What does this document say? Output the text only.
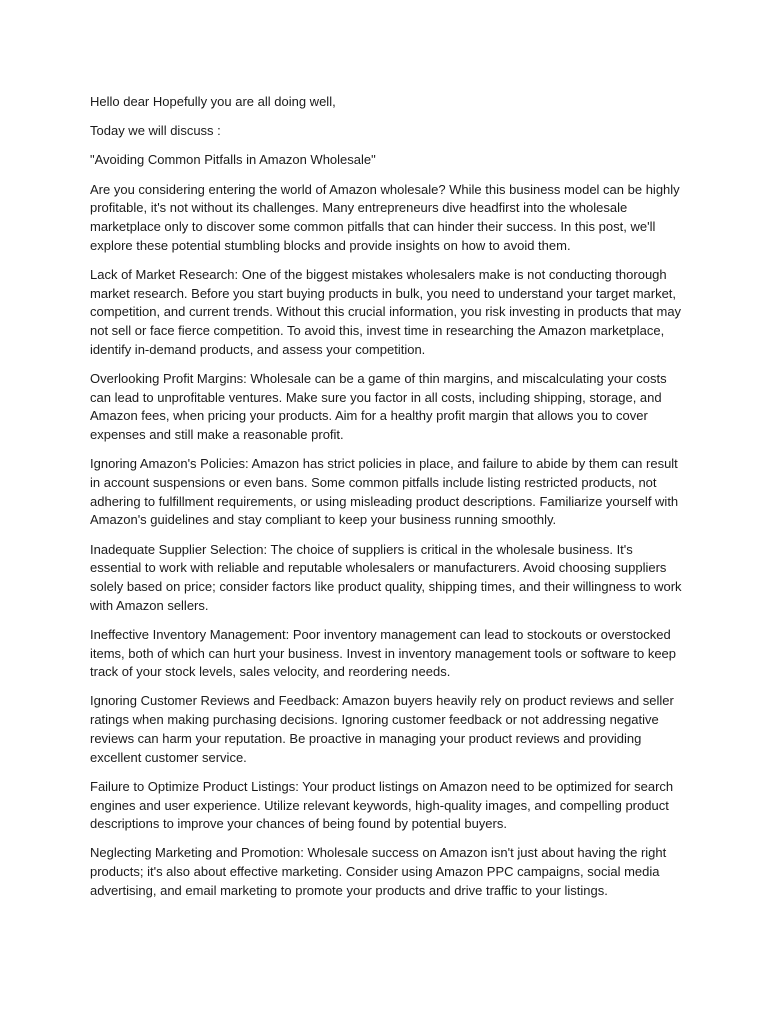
Hello dear Hopefully you are all doing well,

Today we will discuss :

"Avoiding Common Pitfalls in Amazon Wholesale"

Are you considering entering the world of Amazon wholesale? While this business model can be highly profitable, it's not without its challenges. Many entrepreneurs dive headfirst into the wholesale marketplace only to discover some common pitfalls that can hinder their success. In this post, we'll explore these potential stumbling blocks and provide insights on how to avoid them.

Lack of Market Research: One of the biggest mistakes wholesalers make is not conducting thorough market research. Before you start buying products in bulk, you need to understand your target market, competition, and current trends. Without this crucial information, you risk investing in products that may not sell or face fierce competition. To avoid this, invest time in researching the Amazon marketplace, identify in-demand products, and assess your competition.

Overlooking Profit Margins: Wholesale can be a game of thin margins, and miscalculating your costs can lead to unprofitable ventures. Make sure you factor in all costs, including shipping, storage, and Amazon fees, when pricing your products. Aim for a healthy profit margin that allows you to cover expenses and still make a reasonable profit.

Ignoring Amazon's Policies: Amazon has strict policies in place, and failure to abide by them can result in account suspensions or even bans. Some common pitfalls include listing restricted products, not adhering to fulfillment requirements, or using misleading product descriptions. Familiarize yourself with Amazon's guidelines and stay compliant to keep your business running smoothly.

Inadequate Supplier Selection: The choice of suppliers is critical in the wholesale business. It's essential to work with reliable and reputable wholesalers or manufacturers. Avoid choosing suppliers solely based on price; consider factors like product quality, shipping times, and their willingness to work with Amazon sellers.

Ineffective Inventory Management: Poor inventory management can lead to stockouts or overstocked items, both of which can hurt your business. Invest in inventory management tools or software to keep track of your stock levels, sales velocity, and reordering needs.

Ignoring Customer Reviews and Feedback: Amazon buyers heavily rely on product reviews and seller ratings when making purchasing decisions. Ignoring customer feedback or not addressing negative reviews can harm your reputation. Be proactive in managing your product reviews and providing excellent customer service.

Failure to Optimize Product Listings: Your product listings on Amazon need to be optimized for search engines and user experience. Utilize relevant keywords, high-quality images, and compelling product descriptions to improve your chances of being found by potential buyers.

Neglecting Marketing and Promotion: Wholesale success on Amazon isn't just about having the right products; it's also about effective marketing. Consider using Amazon PPC campaigns, social media advertising, and email marketing to promote your products and drive traffic to your listings.
